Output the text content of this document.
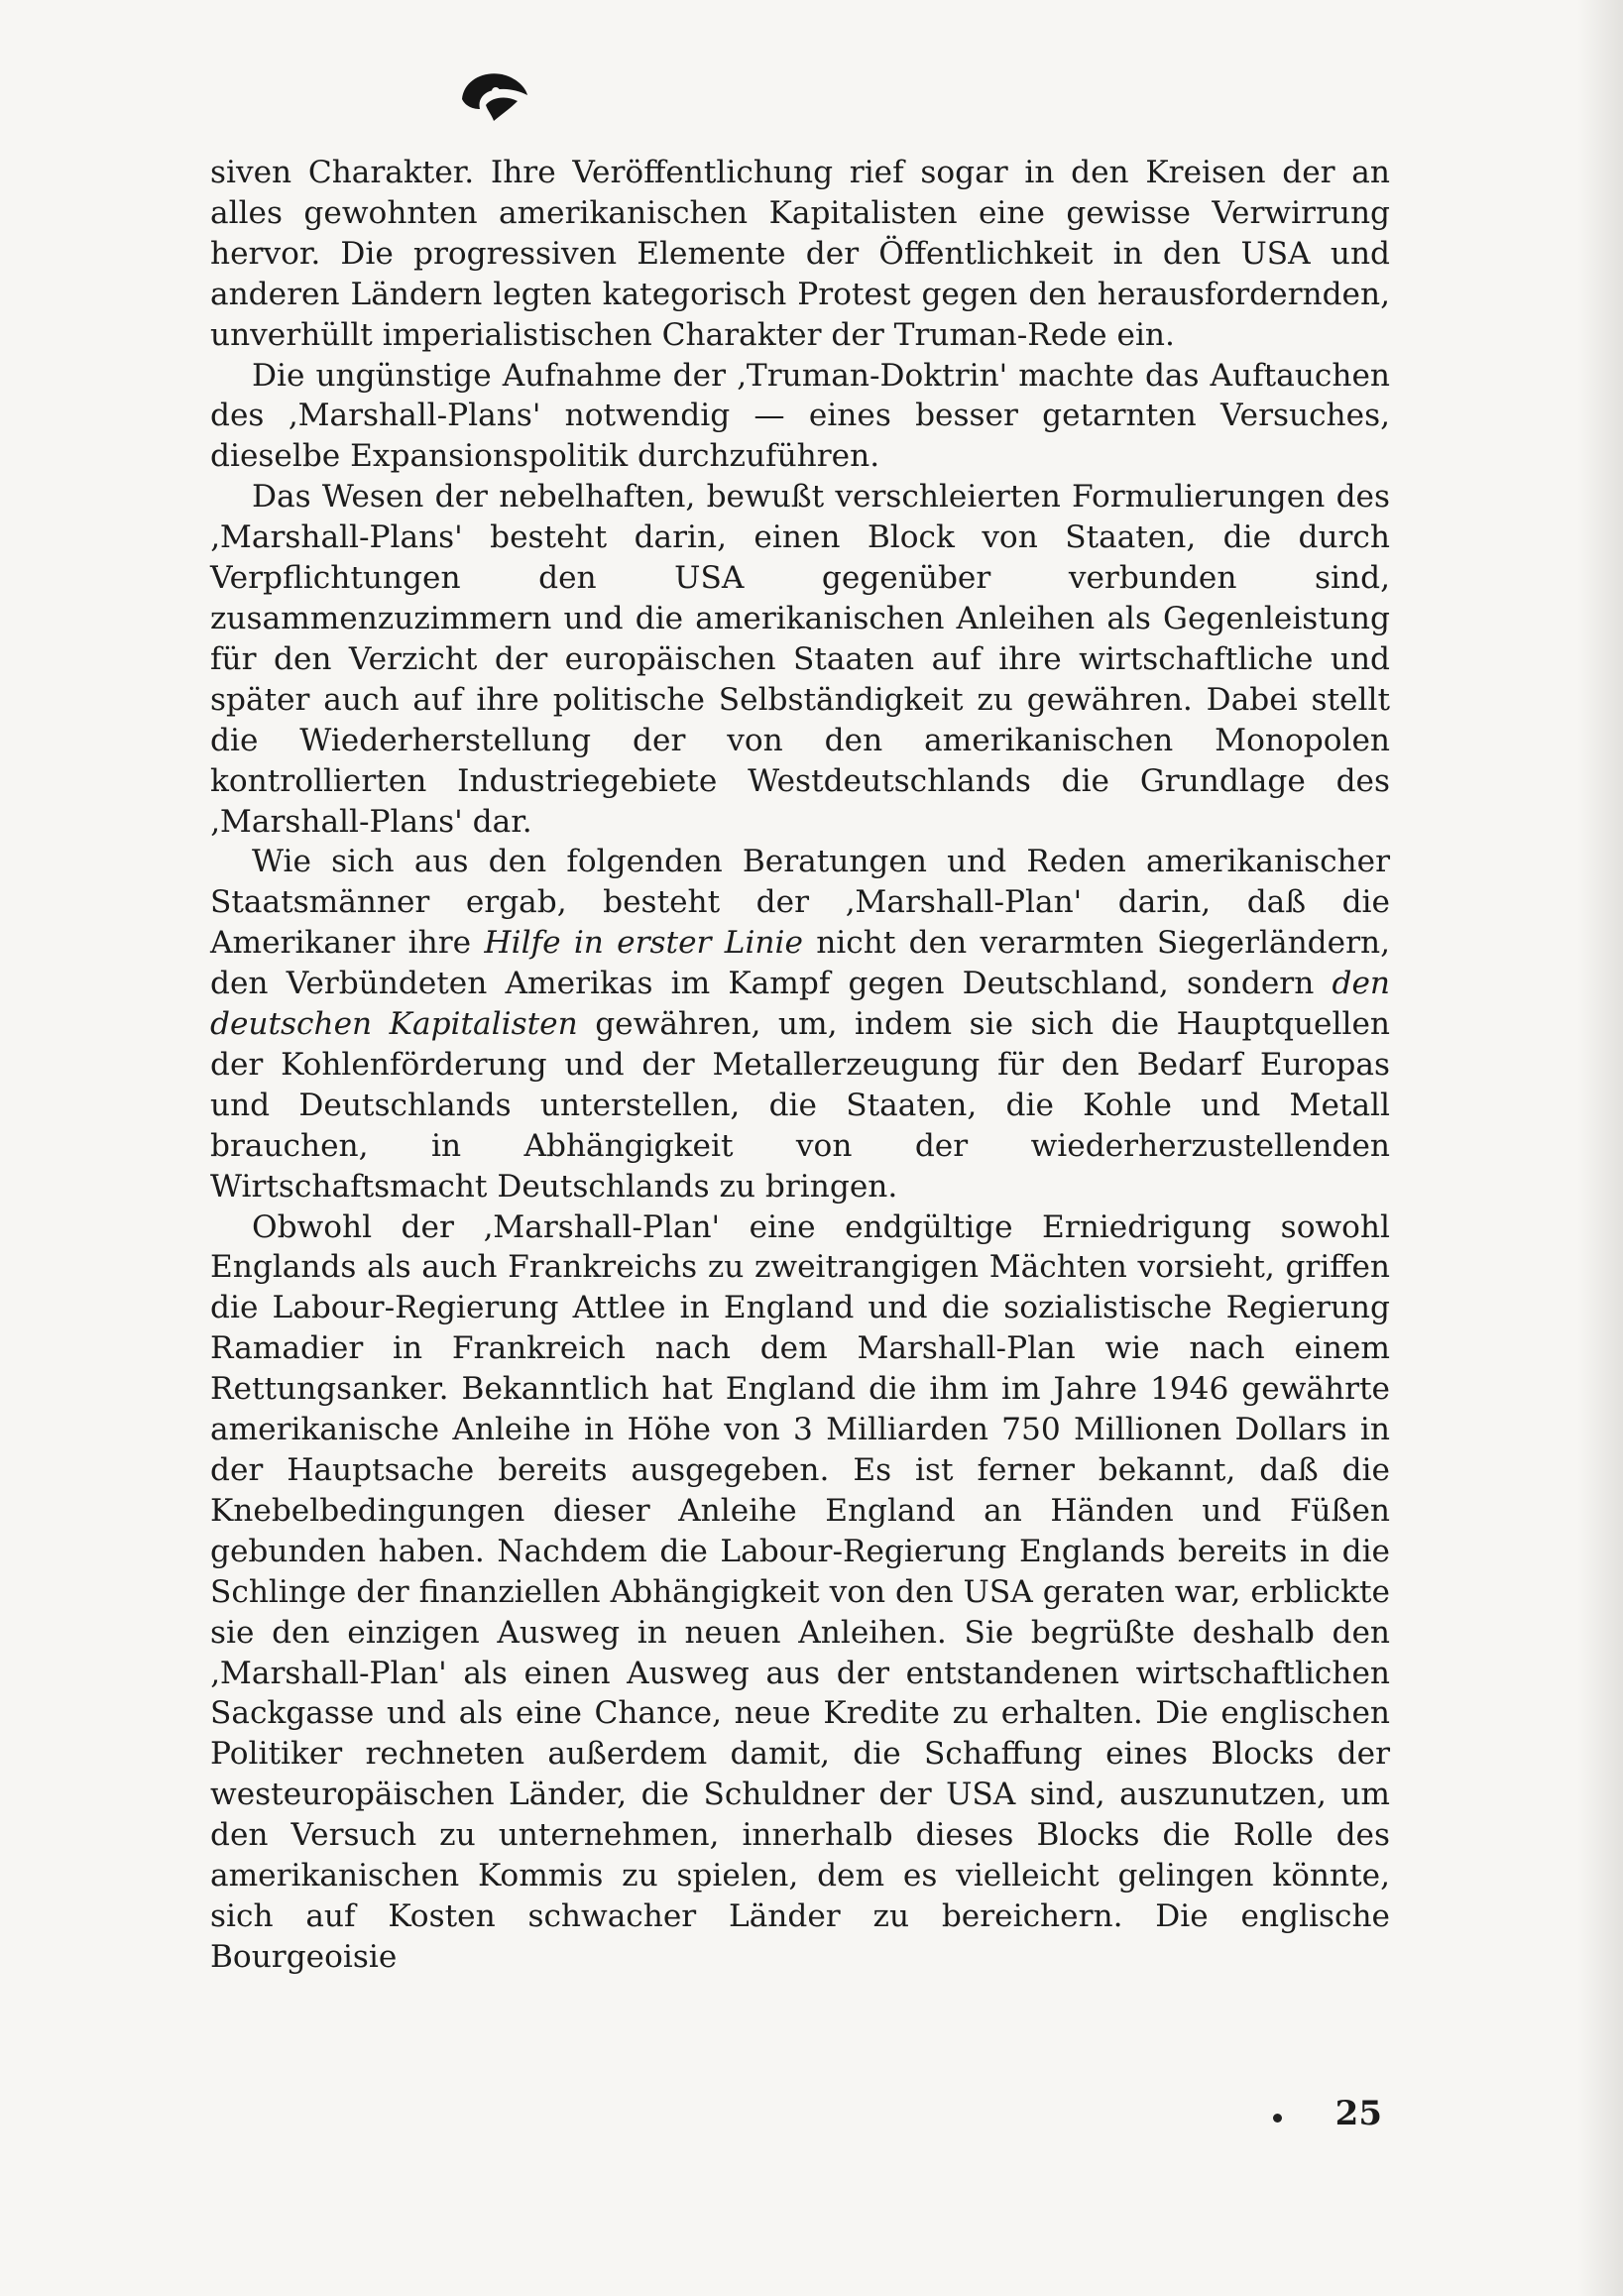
siven Charakter. Ihre Veröffentlichung rief sogar in den Kreisen der an alles gewohnten amerikanischen Kapitalisten eine gewisse Verwirrung hervor. Die progressiven Elemente der Öffentlichkeit in den USA und anderen Ländern legten kategorisch Protest gegen den herausfordernden, unverhüllt imperialistischen Charakter der Truman-Rede ein.

Die ungünstige Aufnahme der ‚Truman-Doktrin' machte das Auftauchen des ‚Marshall-Plans' notwendig — eines besser getarnten Versuches, dieselbe Expansionspolitik durchzuführen.

Das Wesen der nebelhaften, bewußt verschleierten Formulierungen des ‚Marshall-Plans' besteht darin, einen Block von Staaten, die durch Verpflichtungen den USA gegenüber verbunden sind, zusammenzuzimmern und die amerikanischen Anleihen als Gegenleistung für den Verzicht der europäischen Staaten auf ihre wirtschaftliche und später auch auf ihre politische Selbständigkeit zu gewähren. Dabei stellt die Wiederherstellung der von den amerikanischen Monopolen kontrollierten Industriegebiete Westdeutschlands die Grundlage des ‚Marshall-Plans' dar.

Wie sich aus den folgenden Beratungen und Reden amerikanischer Staatsmänner ergab, besteht der ‚Marshall-Plan' darin, daß die Amerikaner ihre Hilfe in erster Linie nicht den verarmten Siegerländern, den Verbündeten Amerikas im Kampf gegen Deutschland, sondern den deutschen Kapitalisten gewähren, um, indem sie sich die Hauptquellen der Kohlenförderung und der Metallerzeugung für den Bedarf Europas und Deutschlands unterstellen, die Staaten, die Kohle und Metall brauchen, in Abhängigkeit von der wiederherzustellenden Wirtschaftsmacht Deutschlands zu bringen.

Obwohl der ‚Marshall-Plan' eine endgültige Erniedrigung sowohl Englands als auch Frankreichs zu zweitrangigen Mächten vorsieht, griffen die Labour-Regierung Attlee in England und die sozialistische Regierung Ramadier in Frankreich nach dem Marshall-Plan wie nach einem Rettungsanker. Bekanntlich hat England die ihm im Jahre 1946 gewährte amerikanische Anleihe in Höhe von 3 Milliarden 750 Millionen Dollars in der Hauptsache bereits ausgegeben. Es ist ferner bekannt, daß die Knebelbedingungen dieser Anleihe England an Händen und Füßen gebunden haben. Nachdem die Labour-Regierung Englands bereits in die Schlinge der finanziellen Abhängigkeit von den USA geraten war, erblickte sie den einzigen Ausweg in neuen Anleihen. Sie begrüßte deshalb den ‚Marshall-Plan' als einen Ausweg aus der entstandenen wirtschaftlichen Sackgasse und als eine Chance, neue Kredite zu erhalten. Die englischen Politiker rechneten außerdem damit, die Schaffung eines Blocks der westeuropäischen Länder, die Schuldner der USA sind, auszunutzen, um den Versuch zu unternehmen, innerhalb dieses Blocks die Rolle des amerikanischen Kommis zu spielen, dem es vielleicht gelingen könnte, sich auf Kosten schwacher Länder zu bereichern. Die englische Bourgeoisie

25
